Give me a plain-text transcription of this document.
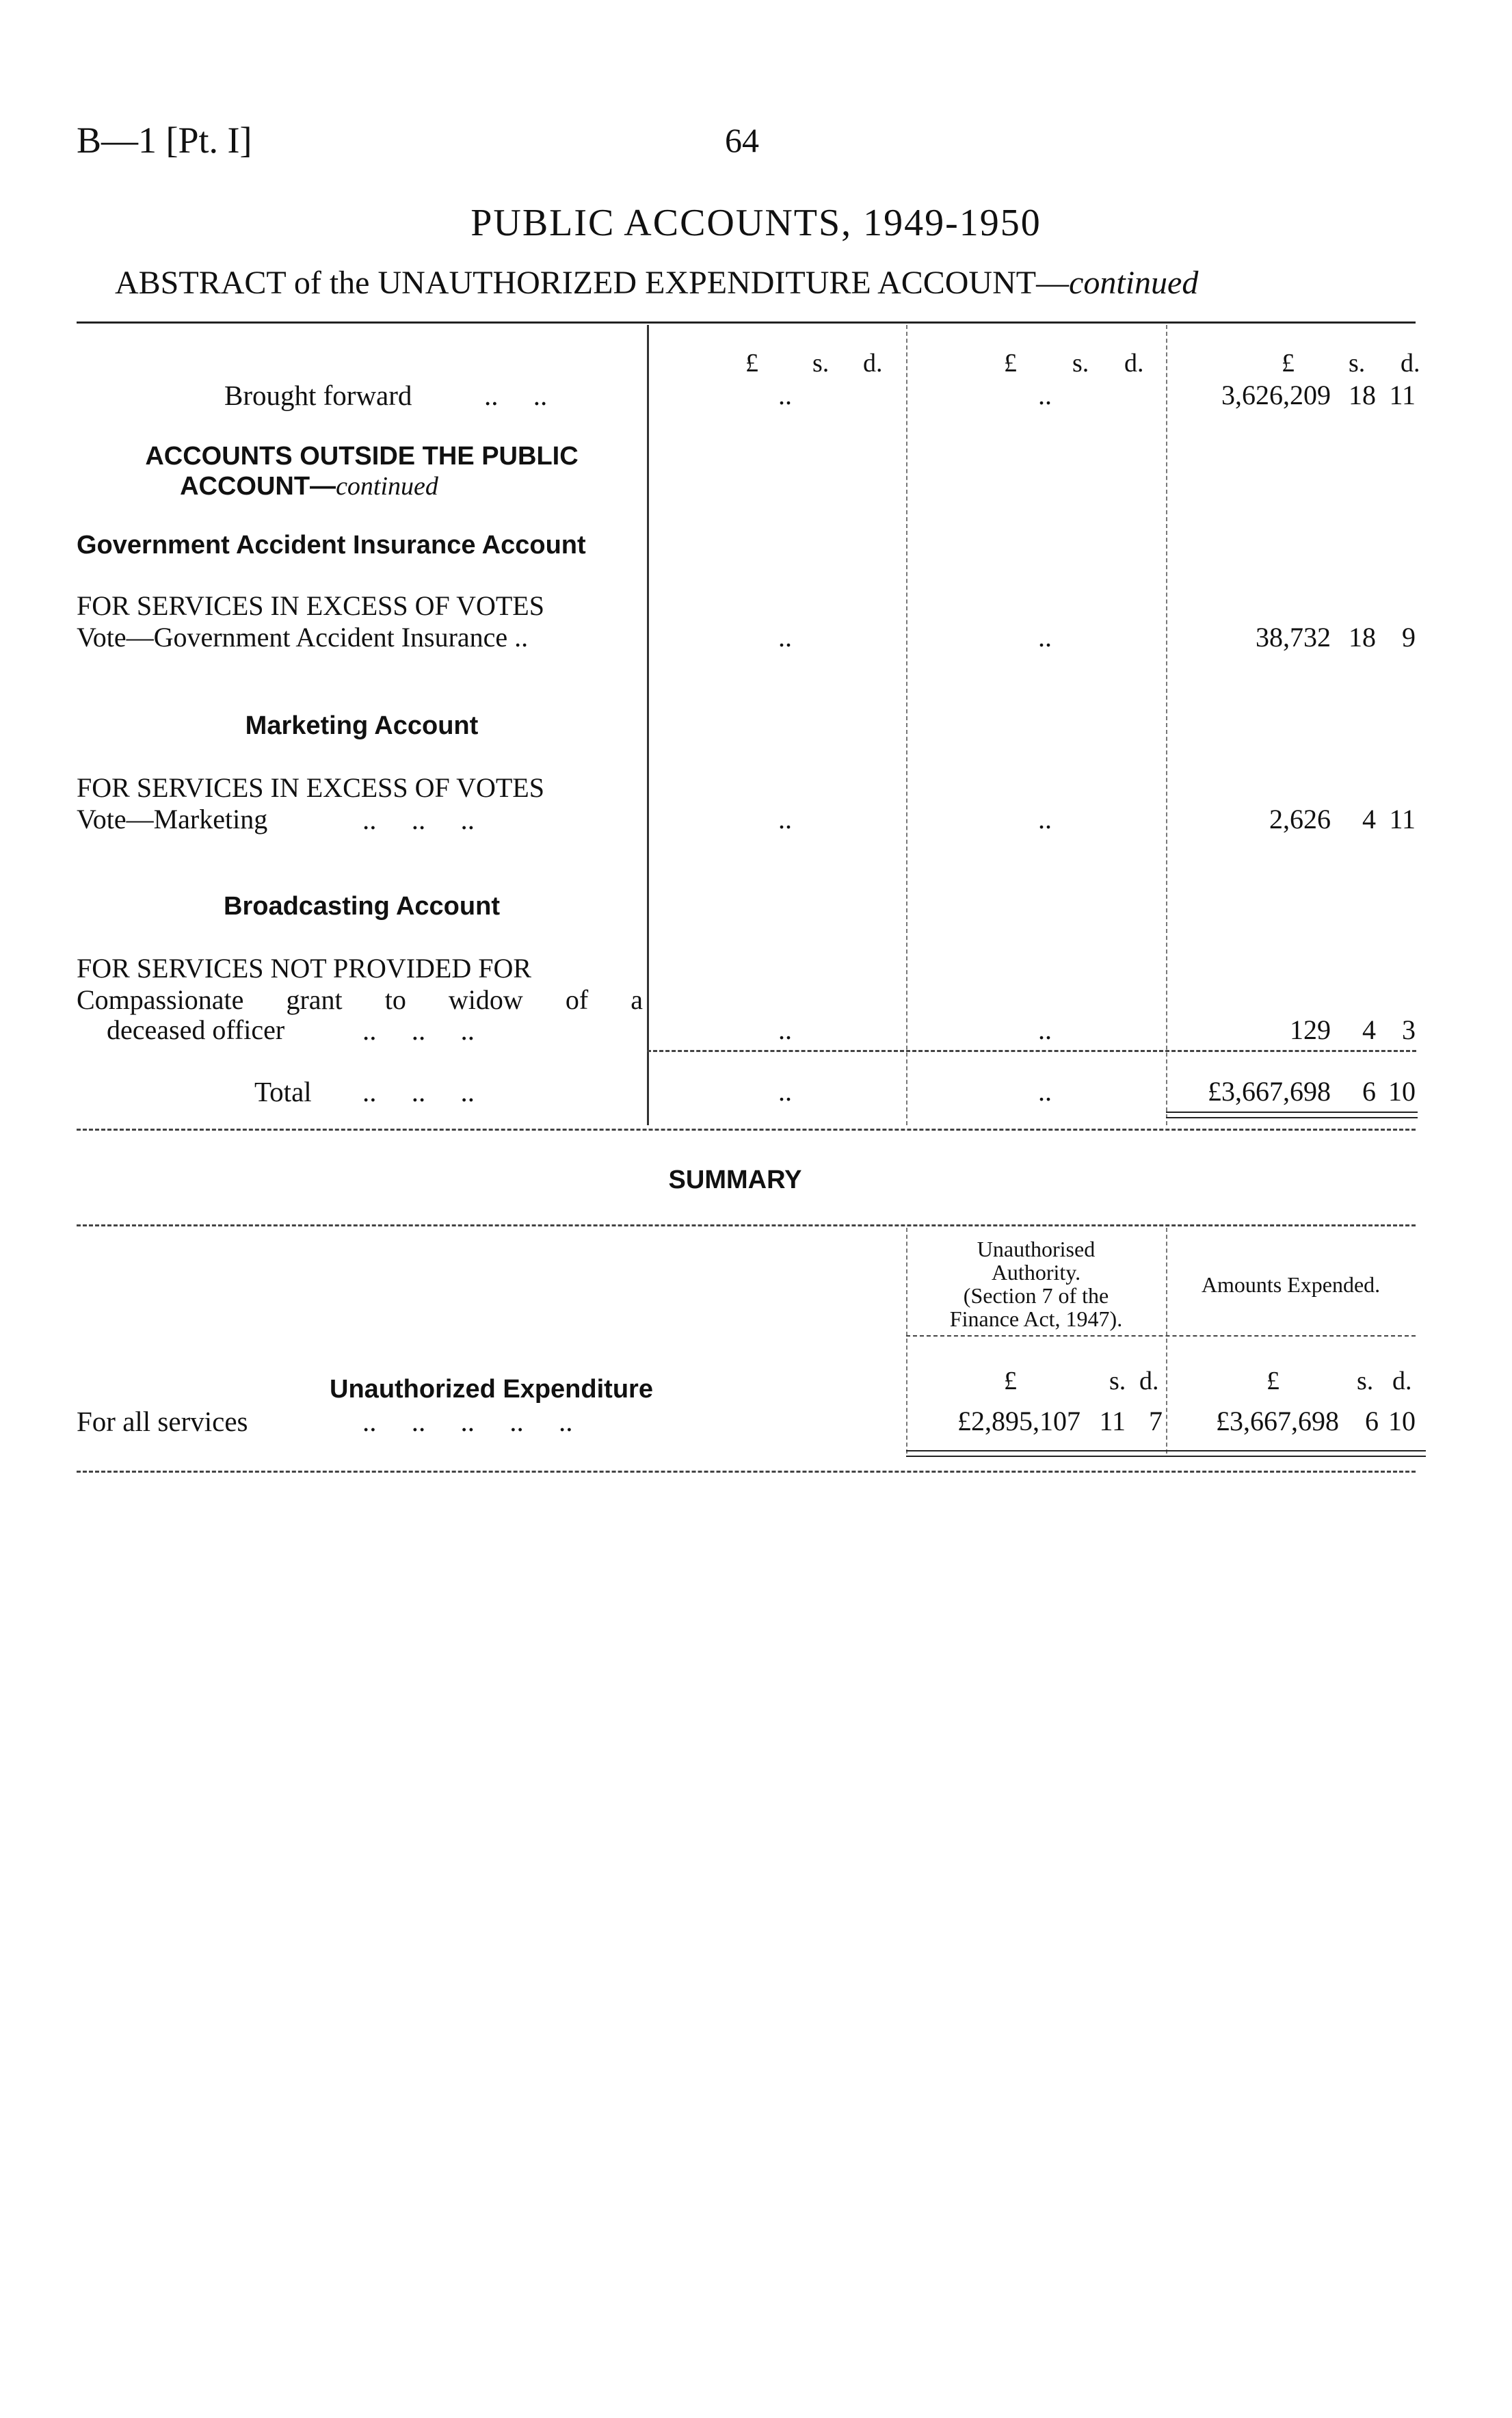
B—1 [Pt. I]	64
PUBLIC ACCOUNTS, 1949-1950
ABSTRACT of the UNAUTHORIZED EXPENDITURE ACCOUNT—continued
£ s. d.	£ s. d.	£ s. d.
Brought forward	..     ..	..	..	3,626,209 18 11
ACCOUNTS OUTSIDE THE PUBLIC
ACCOUNT—continued
Government Accident Insurance Account
FOR SERVICES IN EXCESS OF VOTES
Vote—Government Accident Insurance ..	..	..	38,732 18 9
Marketing Account
FOR SERVICES IN EXCESS OF VOTES
Vote—Marketing	..     ..     ..	..	..	2,626	4 11
Broadcasting Account
FOR SERVICES NOT PROVIDED FOR
Compassionate grant to widow of a
deceased officer	..     ..     ..	..	..	129	4 3
Total ..     ..     ..	..	..	£3,667,698	6 10
SUMMARY
Unauthorised
Authority.
(Section 7 of the
Finance Act, 1947).
Amounts Expended.
£	s. d.	£	s. d.
Unauthorized Expenditure
For all services	..     ..     ..     ..     ..	£2,895,107 11 7	£3,667,698 6 10
